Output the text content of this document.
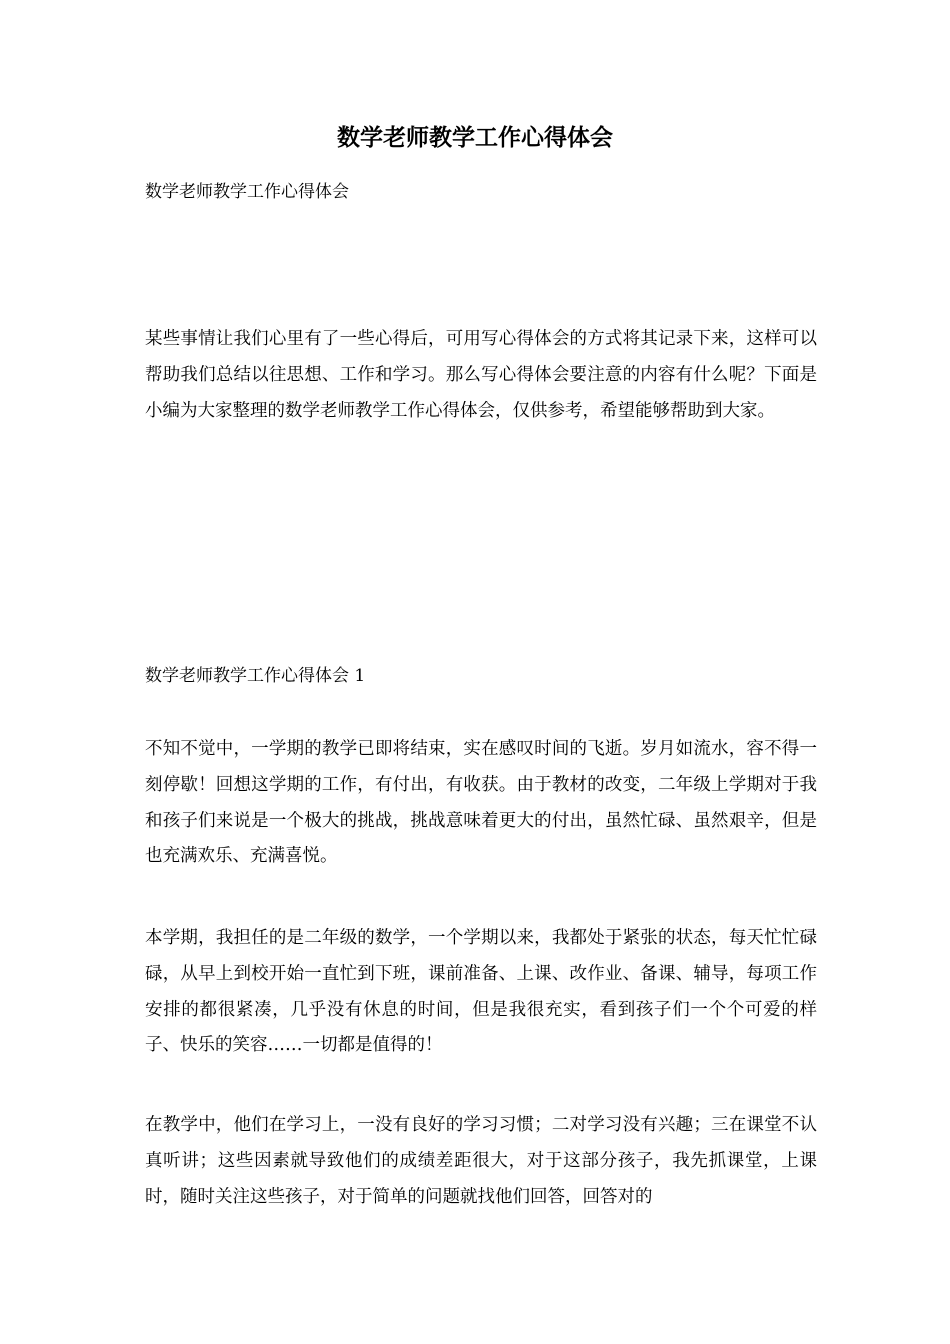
数学老师教学工作心得体会
数学老师教学工作心得体会

某些事情让我们心里有了一些心得后，可用写心得体会的方式将其记录下来，这样可以帮助我们总结以往思想、工作和学习。那么写心得体会要注意的内容有什么呢？下面是小编为大家整理的数学老师教学工作心得体会，仅供参考，希望能够帮助到大家。

数学老师教学工作心得体会 1

不知不觉中，一学期的教学已即将结束，实在感叹时间的飞逝。岁月如流水，容不得一刻停歇！回想这学期的工作，有付出，有收获。由于教材的改变，二年级上学期对于我和孩子们来说是一个极大的挑战，挑战意味着更大的付出，虽然忙碌、虽然艰辛，但是也充满欢乐、充满喜悦。

本学期，我担任的是二年级的数学，一个学期以来，我都处于紧张的状态，每天忙忙碌碌，从早上到校开始一直忙到下班，课前准备、上课、改作业、备课、辅导，每项工作安排的都很紧凑，几乎没有休息的时间，但是我很充实，看到孩子们一个个可爱的样子、快乐的笑容……一切都是值得的！

在教学中，他们在学习上，一没有良好的学习习惯；二对学习没有兴趣；三在课堂不认真听讲；这些因素就导致他们的成绩差距很大，对于这部分孩子，我先抓课堂，上课时，随时关注这些孩子，对于简单的问题就找他们回答，回答对的
